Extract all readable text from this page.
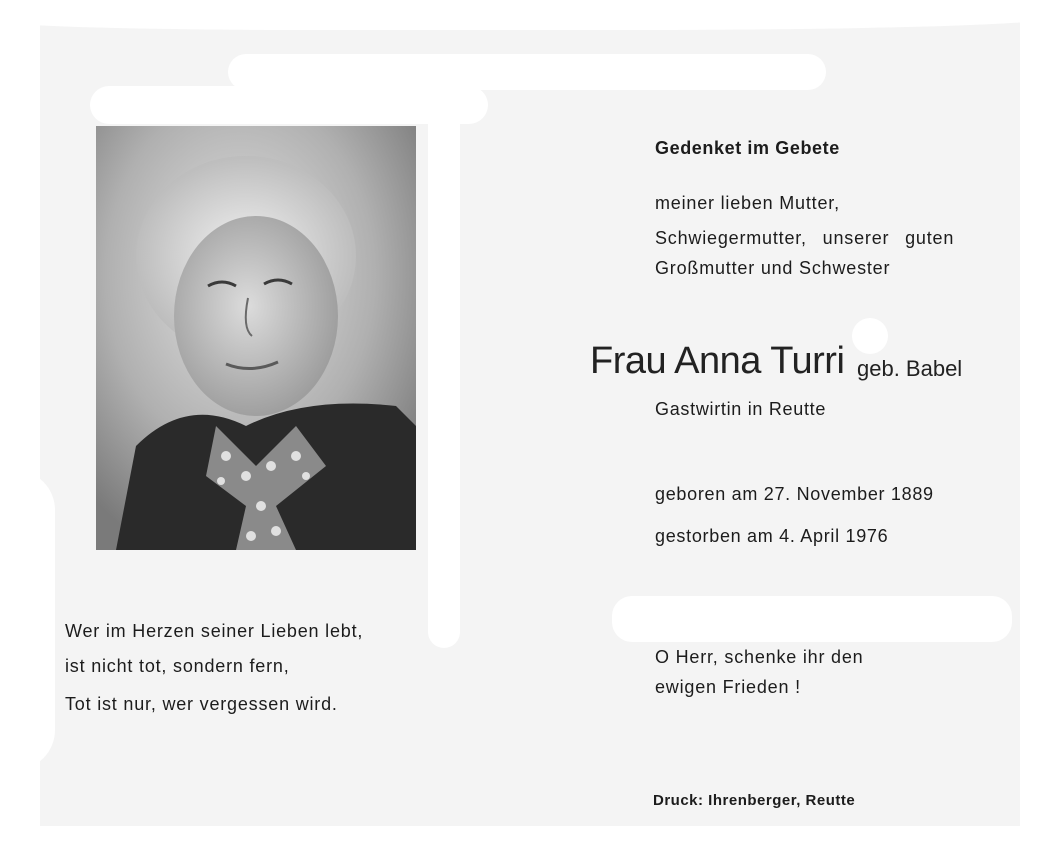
Gedenket im Gebete
meiner lieben Mutter,
Schwiegermutter, unserer guten
Großmutter und Schwester
Frau Anna Turri geb. Babel
Gastwirtin in Reutte
geboren am 27. November 1889
gestorben am 4. April 1976
O Herr, schenke ihr den
ewigen Frieden !
Wer im Herzen seiner Lieben lebt,
ist nicht tot, sondern fern,
Tot ist nur, wer vergessen wird.
Druck: Ihrenberger, Reutte
